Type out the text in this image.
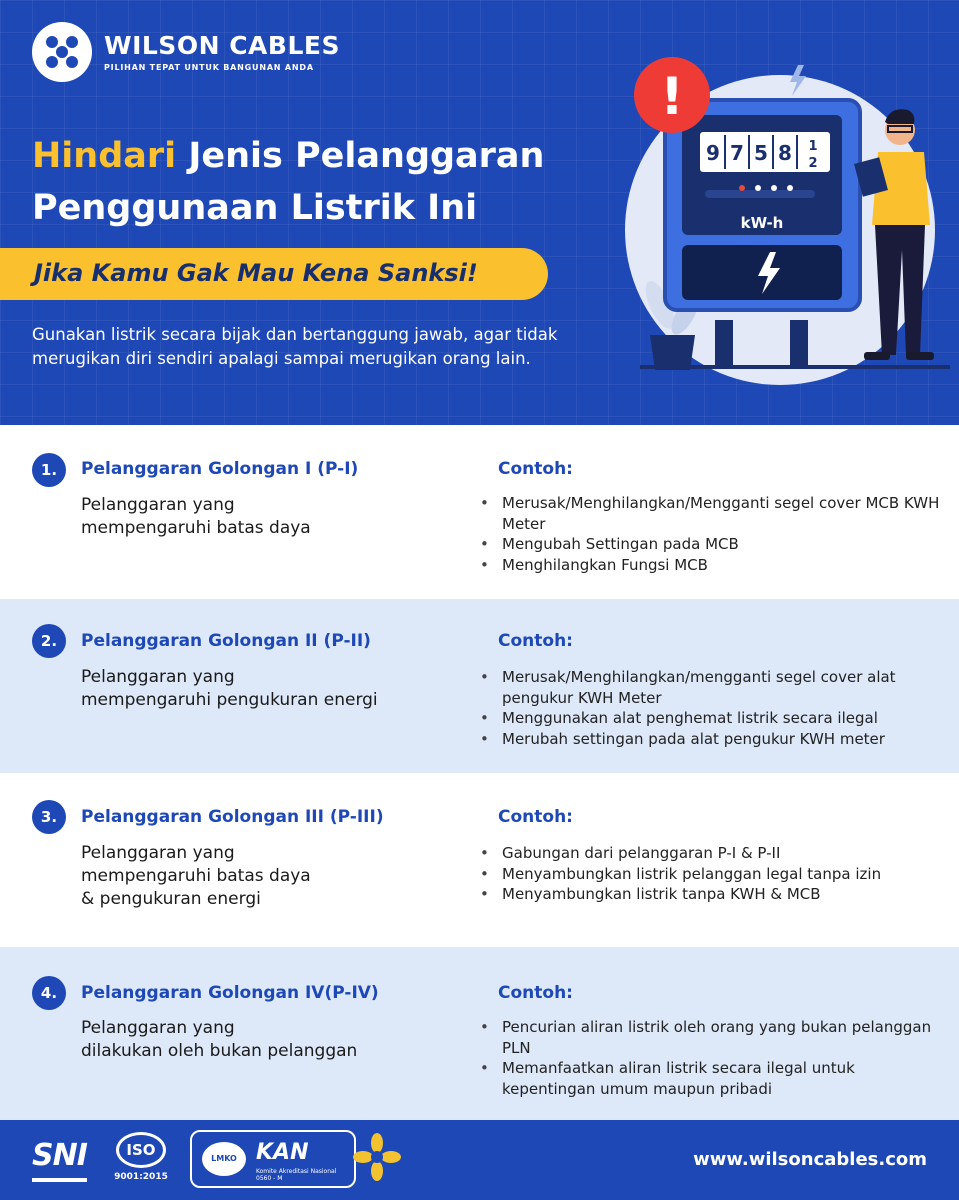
WILSON CABLES
PILIHAN TEPAT UNTUK BANGUNAN ANDA
Hindari Jenis Pelanggaran
Penggunaan Listrik Ini
Jika Kamu Gak Mau Kena Sanksi!
Gunakan listrik secara bijak dan bertanggung jawab, agar tidak merugikan diri sendiri apalagi sampai merugikan orang lain.
9 7 5 8 1
2
kW-h
!
1.	Pelanggaran Golongan I (P-I)
Pelanggaran yang
mempengaruhi batas daya
Contoh:
• Merusak/Menghilangkan/Mengganti segel cover MCB KWH Meter
• Mengubah Settingan pada MCB
• Menghilangkan Fungsi MCB
2.	Pelanggaran Golongan II (P-II)
Pelanggaran yang
mempengaruhi pengukuran energi
Contoh:
• Merusak/Menghilangkan/mengganti segel cover alat pengukur KWH Meter
• Menggunakan alat penghemat listrik secara ilegal
• Merubah settingan pada alat pengukur KWH meter
3.	Pelanggaran Golongan III (P-III)
Pelanggaran yang
mempengaruhi batas daya
& pengukuran energi
Contoh:
• Gabungan dari pelanggaran P-I & P-II
• Menyambungkan listrik pelanggan legal tanpa izin
• Menyambungkan listrik tanpa KWH & MCB
4.	Pelanggaran Golongan IV(P-IV)
Pelanggaran yang
dilakukan oleh bukan pelanggan
Contoh:
• Pencurian aliran listrik oleh orang yang bukan pelanggan PLN
• Memanfaatkan aliran listrik secara ilegal untuk kepentingan umum maupun pribadi
SNI	ISO
9001:2015
LMKO KAN
Komite Akreditasi Nasional
0560 - M
www.wilsoncables.com
